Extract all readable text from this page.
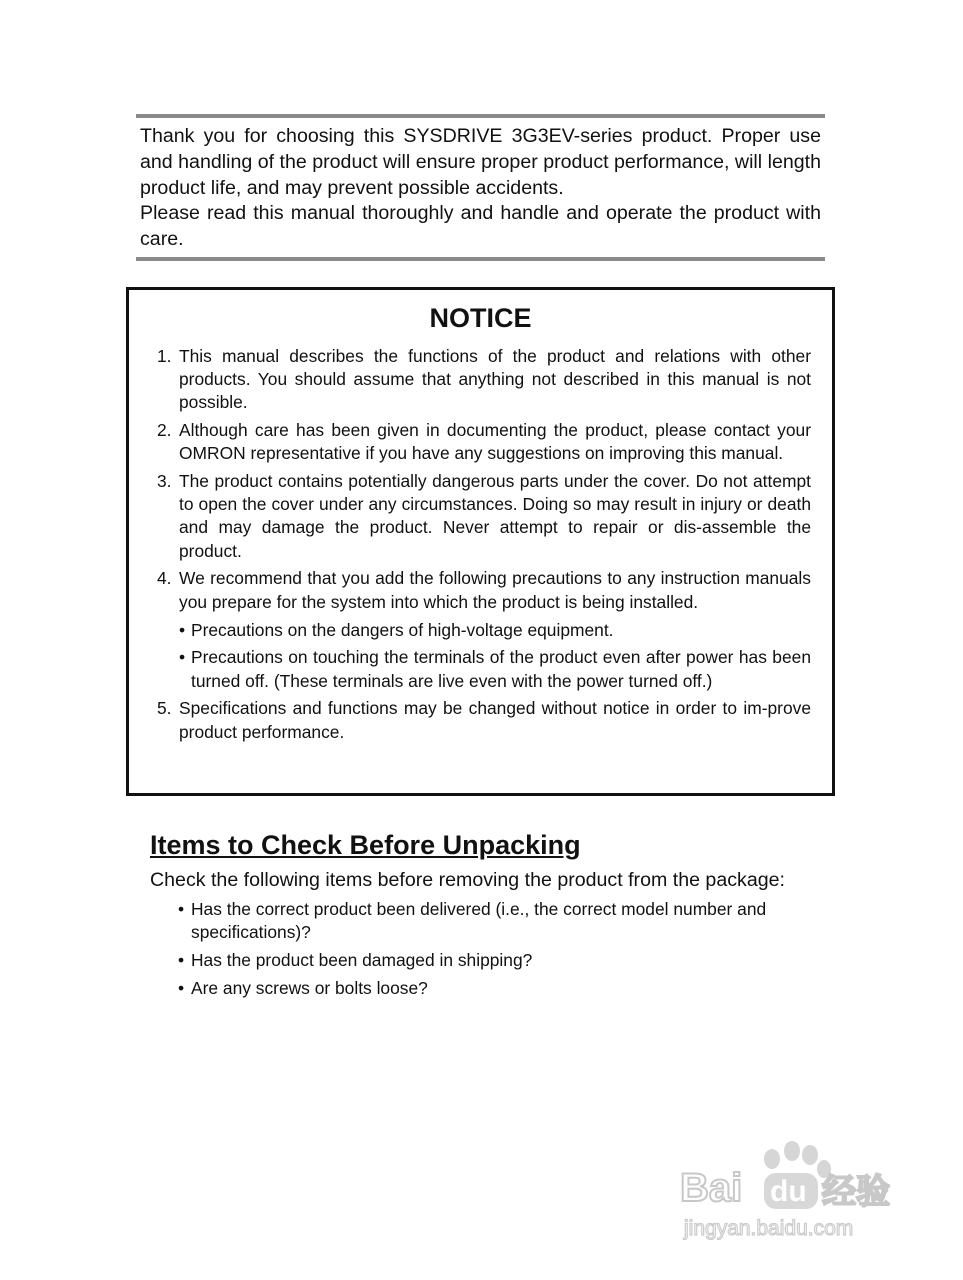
Thank you for choosing this SYSDRIVE 3G3EV-series product. Proper use and handling of the product will ensure proper product performance, will length product life, and may prevent possible accidents.

Please read this manual thoroughly and handle and operate the product with care.

NOTICE
1. This manual describes the functions of the product and relations with other products. You should assume that anything not described in this manual is not possible.
2. Although care has been given in documenting the product, please contact your OMRON representative if you have any suggestions on improving this manual.
3. The product contains potentially dangerous parts under the cover. Do not attempt to open the cover under any circumstances. Doing so may result in injury or death and may damage the product. Never attempt to repair or dis-assemble the product.
4. We recommend that you add the following precautions to any instruction manuals you prepare for the system into which the product is being installed.
• Precautions on the dangers of high-voltage equipment.
• Precautions on touching the terminals of the product even after power has been turned off. (These terminals are live even with the power turned off.)
5. Specifications and functions may be changed without notice in order to im-prove product performance.
Items to Check Before Unpacking

Check the following items before removing the product from the package:

• Has the correct product been delivered (i.e., the correct model number and specifications)?
• Has the product been damaged in shipping?
• Are any screws or bolts loose?
Bai du 经验
jingyan.baidu.com
